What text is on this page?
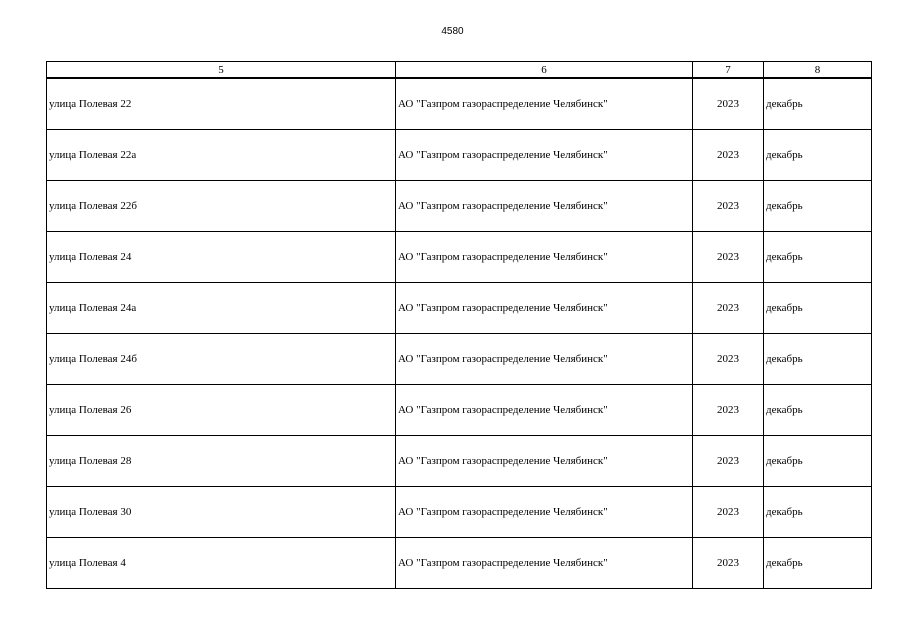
4580
5	6	7	8
улица Полевая 22	АО "Газпром газораспределение Челябинск"	2023	декабрь
улица Полевая 22а	АО "Газпром газораспределение Челябинск"	2023	декабрь
улица Полевая 22б	АО "Газпром газораспределение Челябинск"	2023	декабрь
улица Полевая 24	АО "Газпром газораспределение Челябинск"	2023	декабрь
улица Полевая 24а	АО "Газпром газораспределение Челябинск"	2023	декабрь
улица Полевая 24б	АО "Газпром газораспределение Челябинск"	2023	декабрь
улица Полевая 26	АО "Газпром газораспределение Челябинск"	2023	декабрь
улица Полевая 28	АО "Газпром газораспределение Челябинск"	2023	декабрь
улица Полевая 30	АО "Газпром газораспределение Челябинск"	2023	декабрь
улица Полевая 4	АО "Газпром газораспределение Челябинск"	2023	декабрь
